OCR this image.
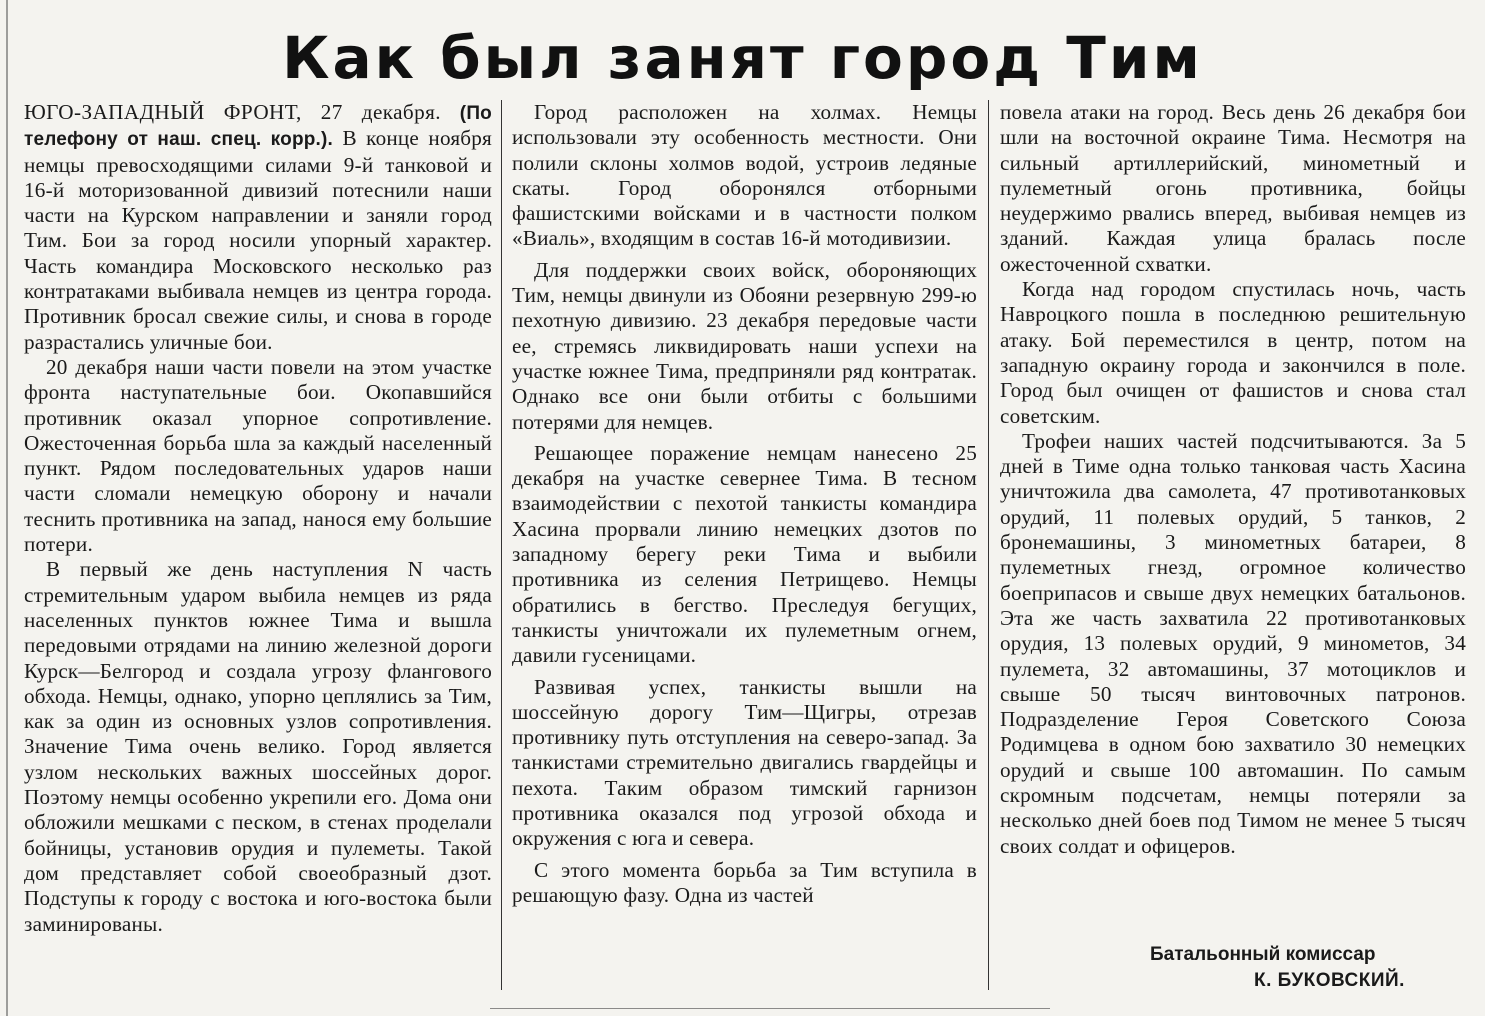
Как был занят город Тим

ЮГО-ЗАПАДНЫЙ ФРОНТ, 27 декабря. (По телефону от наш. спец. корр.). В конце ноября немцы превосходящими силами 9-й танковой и 16-й моторизованной дивизий потеснили наши части на Курском направлении и заняли город Тим. Бои за город носили упорный характер. Часть командира Московского несколько раз контратаками выбивала немцев из центра города. Противник бросал свежие силы, и снова в городе разрастались уличные бои.

20 декабря наши части повели на этом участке фронта наступательные бои. Окопавшийся противник оказал упорное сопротивление. Ожесточенная борьба шла за каждый населенный пункт. Рядом последовательных ударов наши части сломали немецкую оборону и начали теснить противника на запад, нанося ему большие потери.

В первый же день наступления N часть стремительным ударом выбила немцев из ряда населенных пунктов южнее Тима и вышла передовыми отрядами на линию железной дороги Курск—Белгород и создала угрозу флангового обхода. Немцы, однако, упорно цеплялись за Тим, как за один из основных узлов сопротивления. Значение Тима очень велико. Город является узлом нескольких важных шоссейных дорог. Поэтому немцы особенно укрепили его. Дома они обложили мешками с песком, в стенах проделали бойницы, установив орудия и пулеметы. Такой дом представляет собой своеобразный дзот. Подступы к городу с востока и юго-востока были заминированы.

Город расположен на холмах. Немцы использовали эту особенность местности. Они полили склоны холмов водой, устроив ледяные скаты. Город оборонялся отборными фашистскими войсками и в частности полком «Виаль», входящим в состав 16-й мотодивизии.

Для поддержки своих войск, обороняющих Тим, немцы двинули из Обояни резервную 299-ю пехотную дивизию. 23 декабря передовые части ее, стремясь ликвидировать наши успехи на участке южнее Тима, предприняли ряд контратак. Однако все они были отбиты с большими потерями для немцев.

Решающее поражение немцам нанесено 25 декабря на участке севернее Тима. В тесном взаимодействии с пехотой танкисты командира Хасина прорвали линию немецких дзотов по западному берегу реки Тима и выбили противника из селения Петрищево. Немцы обратились в бегство. Преследуя бегущих, танкисты уничтожали их пулеметным огнем, давили гусеницами.

Развивая успех, танкисты вышли на шоссейную дорогу Тим—Щигры, отрезав противнику путь отступления на северо-запад. За танкистами стремительно двигались гвардейцы и пехота. Таким образом тимский гарнизон противника оказался под угрозой обхода и окружения с юга и севера.

С этого момента борьба за Тим вступила в решающую фазу. Одна из частей

повела атаки на город. Весь день 26 декабря бои шли на восточной окраине Тима. Несмотря на сильный артиллерийский, минометный и пулеметный огонь противника, бойцы неудержимо рвались вперед, выбивая немцев из зданий. Каждая улица бралась после ожесточенной схватки.

Когда над городом спустилась ночь, часть Навроцкого пошла в последнюю решительную атаку. Бой переместился в центр, потом на западную окраину города и закончился в поле. Город был очищен от фашистов и снова стал советским.

Трофеи наших частей подсчитываются. За 5 дней в Тиме одна только танковая часть Хасина уничтожила два самолета, 47 противотанковых орудий, 11 полевых орудий, 5 танков, 2 бронемашины, 3 минометных батареи, 8 пулеметных гнезд, огромное количество боеприпасов и свыше двух немецких батальонов. Эта же часть захватила 22 противотанковых орудия, 13 полевых орудий, 9 минометов, 34 пулемета, 32 автомашины, 37 мотоциклов и свыше 50 тысяч винтовочных патронов. Подразделение Героя Советского Союза Родимцева в одном бою захватило 30 немецких орудий и свыше 100 автомашин. По самым скромным подсчетам, немцы потеряли за несколько дней боев под Тимом не менее 5 тысяч своих солдат и офицеров.

Батальонный комиссар
К. БУКОВСКИЙ.
